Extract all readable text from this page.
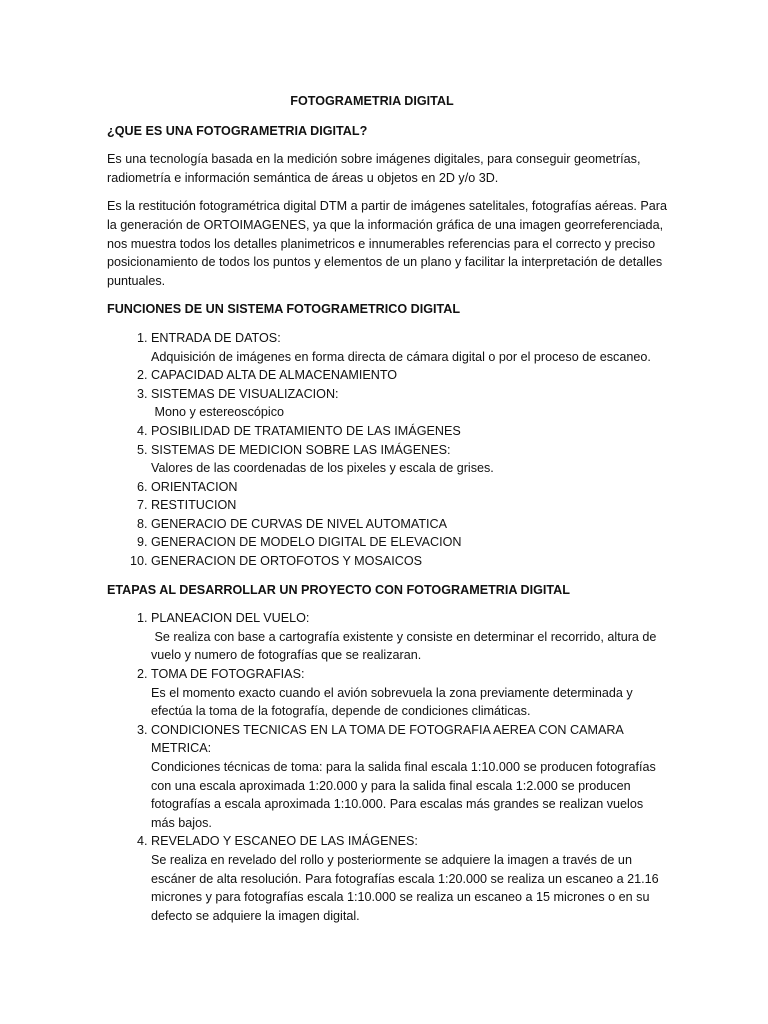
FOTOGRAMETRIA DIGITAL
¿QUE ES UNA FOTOGRAMETRIA DIGITAL?

Es una tecnología basada en la medición sobre imágenes digitales, para conseguir geometrías, radiometría e información semántica de áreas u objetos en 2D y/o 3D.

Es la restitución fotogramétrica digital DTM a partir de imágenes satelitales, fotografías aéreas. Para la generación de ORTOIMAGENES, ya que la información gráfica de una imagen georreferenciada, nos muestra todos los detalles planimetricos e innumerables referencias para el correcto y preciso posicionamiento de todos los puntos y elementos de un plano y facilitar la interpretación de detalles puntuales.

FUNCIONES DE UN SISTEMA FOTOGRAMETRICO DIGITAL
1. ENTRADA DE DATOS:
Adquisición de imágenes en forma directa de cámara digital o por el proceso de escaneo.
2. CAPACIDAD ALTA DE ALMACENAMIENTO
3. SISTEMAS DE VISUALIZACION:
Mono y estereoscópico
4. POSIBILIDAD DE TRATAMIENTO DE LAS IMÁGENES
5. SISTEMAS DE MEDICION SOBRE LAS IMÁGENES:
Valores de las coordenadas de los pixeles y escala de grises.
6. ORIENTACION
7. RESTITUCION
8. GENERACIO DE CURVAS DE NIVEL AUTOMATICA
9. GENERACION DE MODELO DIGITAL DE ELEVACION
10. GENERACION DE ORTOFOTOS Y MOSAICOS
ETAPAS AL DESARROLLAR UN PROYECTO CON FOTOGRAMETRIA DIGITAL
1. PLANEACION DEL VUELO:
Se realiza con base a cartografía existente y consiste en determinar el recorrido, altura de vuelo y numero de fotografías que se realizaran.
2. TOMA DE FOTOGRAFIAS:
Es el momento exacto cuando el avión sobrevuela la zona previamente determinada y efectúa la toma de la fotografía, depende de condiciones climáticas.
3. CONDICIONES TECNICAS EN LA TOMA DE FOTOGRAFIA AEREA CON CAMARA METRICA:
Condiciones técnicas de toma: para la salida final escala 1:10.000 se producen fotografías con una escala aproximada 1:20.000 y para la salida final escala 1:2.000 se producen fotografías a escala aproximada 1:10.000. Para escalas más grandes se realizan vuelos más bajos.
4. REVELADO Y ESCANEO DE LAS IMÁGENES:
Se realiza en revelado del rollo y posteriormente se adquiere la imagen a través de un escáner de alta resolución. Para fotografías escala 1:20.000 se realiza un escaneo a 21.16 micrones y para fotografías escala 1:10.000 se realiza un escaneo a 15 micrones o en su defecto se adquiere la imagen digital.
